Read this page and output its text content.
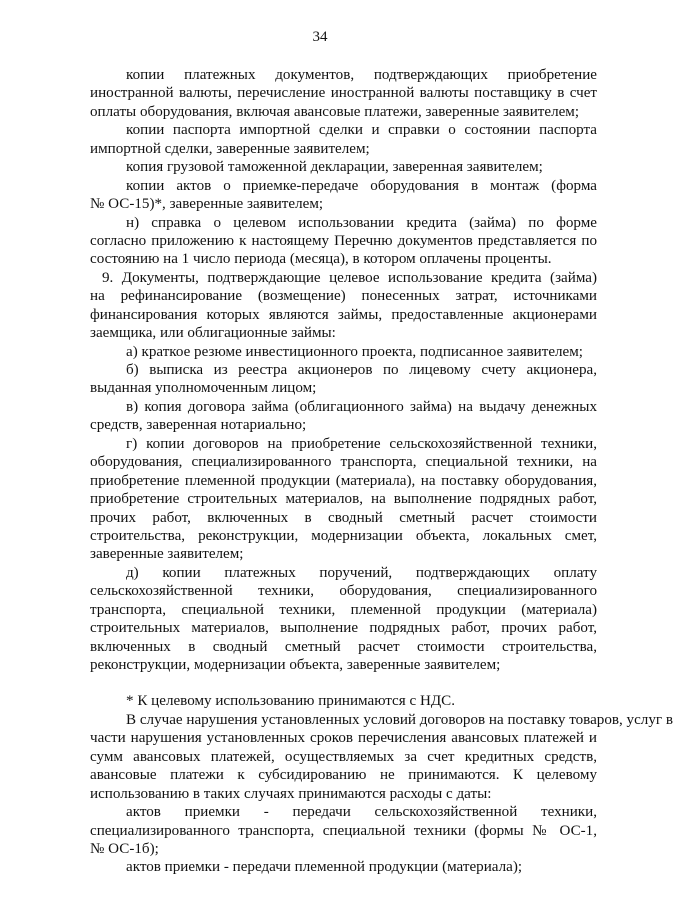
34
копии платежных документов, подтверждающих приобретение
иностранной валюты, перечисление иностранной валюты поставщику в счет
оплаты оборудования, включая авансовые платежи, заверенные заявителем;
копии паспорта импортной сделки и справки о состоянии паспорта
импортной сделки, заверенные заявителем;
копия грузовой таможенной декларации, заверенная заявителем;
копии актов о приемке-передаче оборудования в монтаж (форма
№ ОС-15)*, заверенные заявителем;
н) справка о целевом использовании кредита (займа) по форме
согласно приложению к настоящему Перечню документов представляется по
состоянию на 1 число периода (месяца), в котором оплачены проценты.
9. Документы, подтверждающие целевое использование кредита (займа)
на рефинансирование (возмещение) понесенных затрат, источниками
финансирования которых являются займы, предоставленные акционерами
заемщика, или облигационные займы:
а) краткое резюме инвестиционного проекта, подписанное заявителем;
б) выписка из реестра акционеров по лицевому счету акционера,
выданная уполномоченным лицом;
в) копия договора займа (облигационного займа) на выдачу денежных
средств, заверенная нотариально;
г) копии договоров на приобретение сельскохозяйственной техники,
оборудования, специализированного транспорта, специальной техники, на
приобретение племенной продукции (материала), на поставку оборудования,
приобретение строительных материалов, на выполнение подрядных работ,
прочих работ, включенных в сводный сметный расчет стоимости
строительства, реконструкции, модернизации объекта, локальных смет,
заверенные заявителем;
д) копии платежных поручений, подтверждающих оплату
сельскохозяйственной техники, оборудования, специализированного
транспорта, специальной техники, племенной продукции (материала)
строительных материалов, выполнение подрядных работ, прочих работ,
включенных в сводный сметный расчет стоимости строительства,
реконструкции, модернизации объекта, заверенные заявителем;
* К целевому использованию принимаются с НДС.
В случае нарушения установленных условий договоров на поставку товаров, услуг в
части нарушения установленных сроков перечисления авансовых платежей и
сумм авансовых платежей, осуществляемых за счет кредитных средств,
авансовые платежи к субсидированию не принимаются. К целевому
использованию в таких случаях принимаются расходы с даты:
актов приемки - передачи сельскохозяйственной техники,
специализированного транспорта, специальной техники (формы № ОС-1,
№ ОС-1б);
актов приемки - передачи племенной продукции (материала);
